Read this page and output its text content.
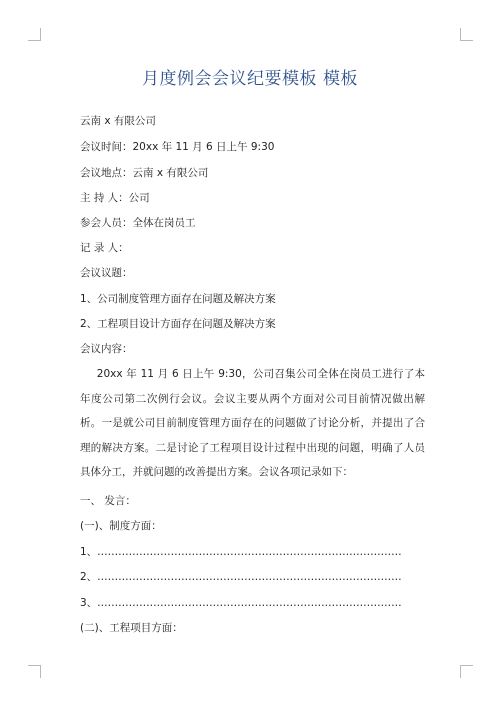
月度例会会议纪要模板 模板
云南 x 有限公司
会议时间：20xx 年 11 月 6 日上午 9:30
会议地点：云南 x 有限公司
主 持 人：公司
参会人员：全体在岗员工
记 录 人：
会议议题：
1、公司制度管理方面存在问题及解决方案
2、工程项目设计方面存在问题及解决方案
会议内容：
20xx 年 11 月 6 日上午 9:30，公司召集公司全体在岗员工进行了本年度公司第二次例行会议。会议主要从两个方面对公司目前情况做出解析。一是就公司目前制度管理方面存在的问题做了讨论分析，并提出了合理的解决方案。二是讨论了工程项目设计过程中出现的问题，明确了人员具体分工，并就问题的改善提出方案。会议各项记录如下：
一、 发言：
(一)、制度方面：
1、……………………………………………………………………………
2、……………………………………………………………………………
3、……………………………………………………………………………
(二)、工程项目方面：
